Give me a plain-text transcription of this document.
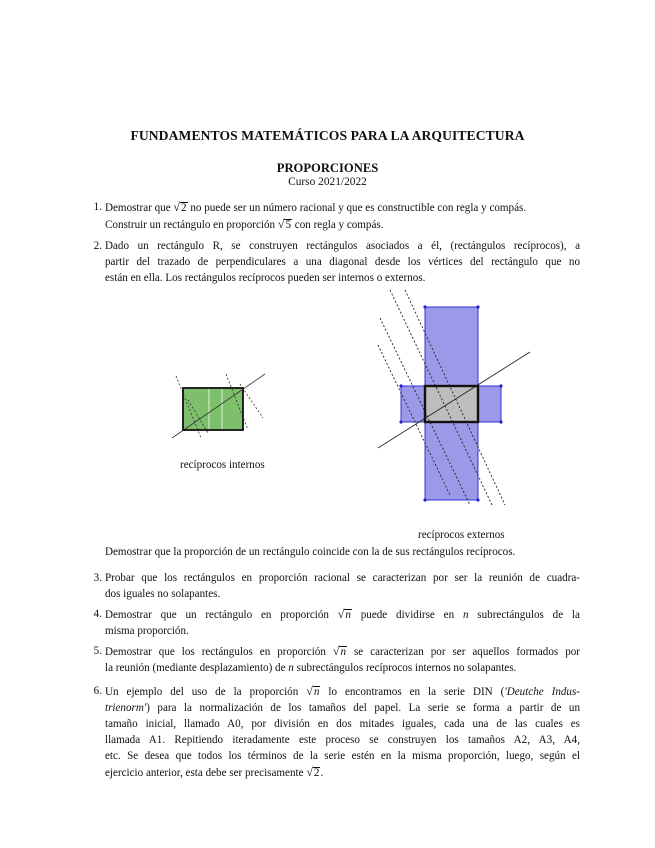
FUNDAMENTOS MATEMÁTICOS PARA LA ARQUITECTURA
PROPORCIONES
Curso 2021/2022
1. Demostrar que √2 no puede ser un número racional y que es constructible con regla y compás.
Construir un rectángulo en proporción √5 con regla y compás.
2. Dado un rectángulo R, se construyen rectángulos asociados a él, (rectángulos recíprocos), a
partir del trazado de perpendiculares a una diagonal desde los vértices del rectángulo que no
están en ella. Los rectángulos recíprocos pueden ser internos o externos.
recíprocos internos
recíprocos externos
Demostrar que la proporción de un rectángulo coincide con la de sus rectángulos recíprocos.
3. Probar que los rectángulos en proporción racional se caracterizan por ser la reunión de cuadra-
dos iguales no solapantes.
4. Demostrar que un rectángulo en proporción √n puede dividirse en n subrectángulos de la
misma proporción.
5. Demostrar que los rectángulos en proporción √n se caracterizan por ser aquellos formados por
la reunión (mediante desplazamiento) de n subrectángulos recíprocos internos no solapantes.
6. Un ejemplo del uso de la proporción √n lo encontramos en la serie DIN ('Deutche Indus-
trienorm') para la normalización de los tamaños del papel. La serie se forma a partir de un
tamaño inicial, llamado A0, por división en dos mitades iguales, cada una de las cuales es
llamada A1. Repitiendo iteradamente este proceso se construyen los tamaños A2, A3, A4,
etc. Se desea que todos los términos de la serie estén en la misma proporción, luego, según el
ejercicio anterior, esta debe ser precisamente √2.
